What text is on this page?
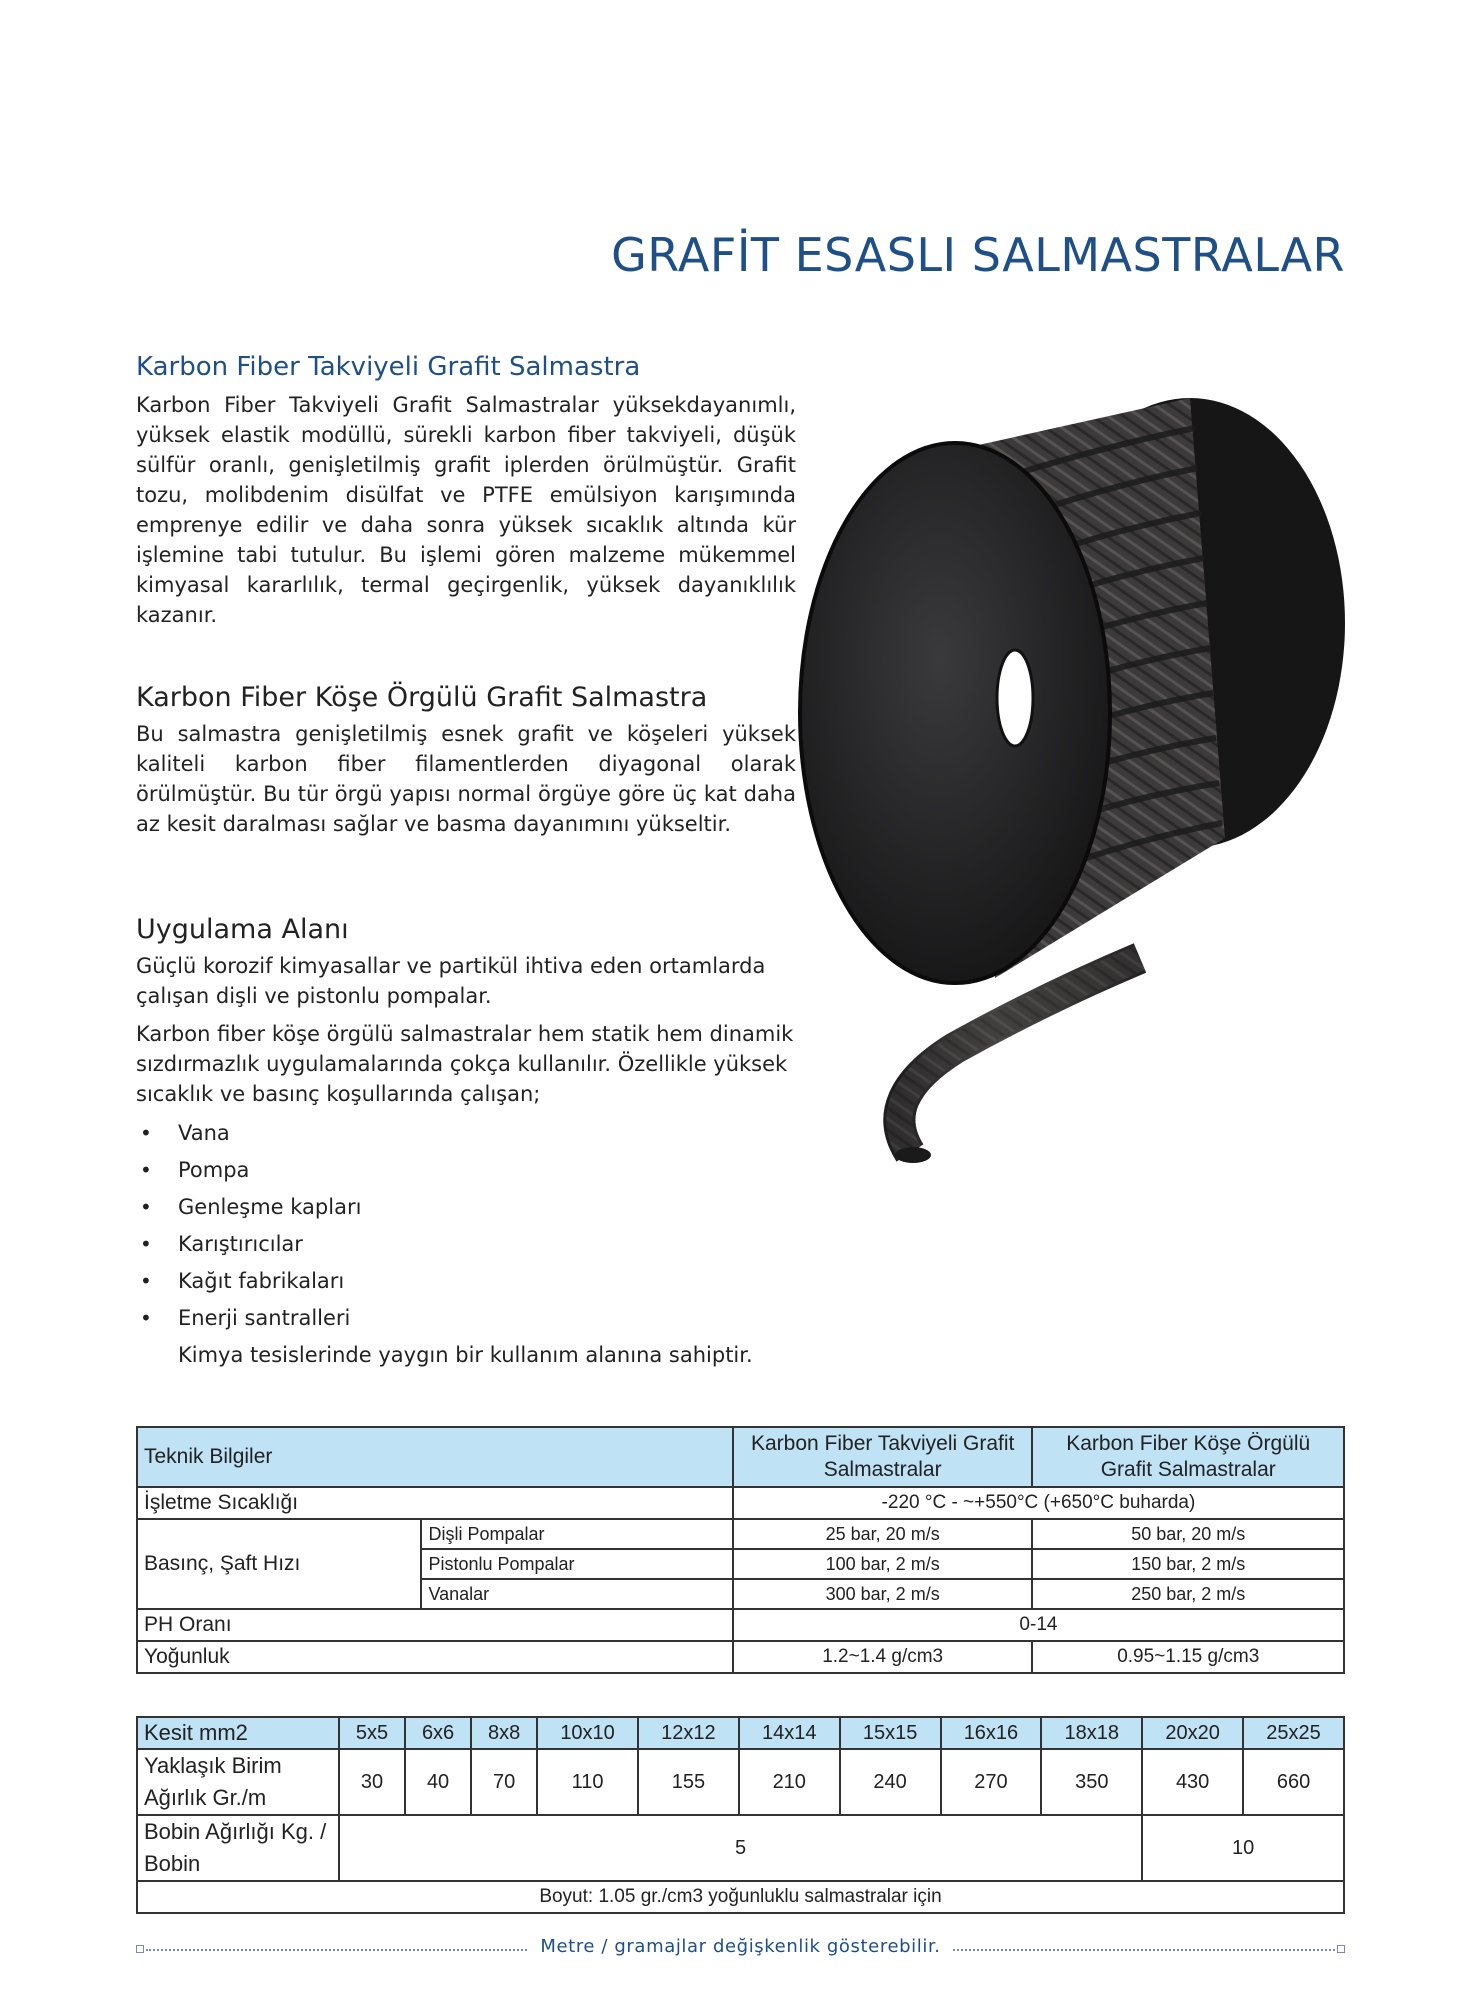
GRAFİT ESASLI SALMASTRALAR
Karbon Fiber Takviyeli Grafit Salmastra

Karbon Fiber Takviyeli Grafit Salmastralar yüksekdayanımlı, yüksek elastik modüllü, sürekli karbon fiber takviyeli, düşük sülfür oranlı, genişletilmiş grafit iplerden örülmüştür. Grafit tozu, molibdenim disülfat ve PTFE emülsiyon karışımında emprenye edilir ve daha sonra yüksek sıcaklık altında kür işlemine tabi tutulur. Bu işlemi gören malzeme mükemmel kimyasal kararlılık, termal geçirgenlik, yüksek dayanıklılık kazanır.

Karbon Fiber Köşe Örgülü Grafit Salmastra

Bu salmastra genişletilmiş esnek grafit ve köşeleri yüksek kaliteli karbon fiber filamentlerden diyagonal olarak örülmüştür. Bu tür örgü yapısı normal örgüye göre üç kat daha az kesit daralması sağlar ve basma dayanımını yükseltir.

Uygulama Alanı

Güçlü korozif kimyasallar ve partikül ihtiva eden ortamlarda çalışan dişli ve pistonlu pompalar.

Karbon fiber köşe örgülü salmastralar hem statik hem dinamik sızdırmazlık uygulamalarında çokça kullanılır. Özellikle yüksek sıcaklık ve basınç koşullarında çalışan;

• Vana
• Pompa
• Genleşme kapları
• Karıştırıcılar
• Kağıt fabrikaları
• Enerji santralleri
Kimya tesislerinde yaygın bir kullanım alanına sahiptir.
Teknik Bilgiler		Karbon Fiber Takviyeli Grafit Salmastralar	Karbon Fiber Köşe Örgülü Grafit Salmastralar
İşletme Sıcaklığı		-220 °C - ~+550°C (+650°C buharda)	
Basınç, Şaft Hızı	Dişli Pompalar	25 bar, 20 m/s	50 bar, 20 m/s
	Pistonlu Pompalar	100 bar, 2 m/s	150 bar, 2 m/s
	Vanalar	300 bar, 2 m/s	250 bar, 2 m/s
PH Oranı		0-14	
Yoğunluk		1.2~1.4 g/cm3	0.95~1.15 g/cm3
Kesit mm2	5x5	6x6	8x8	10x10	12x12	14x14	15x15	16x16	18x18	20x20	25x25
Yaklaşık Birim Ağırlık Gr./m	30	40	70	110	155	210	240	270	350	430	660
Bobin Ağırlığı Kg. / Bobin	5									10	
Boyut: 1.05 gr./cm3 yoğunluklu salmastralar için											
Metre / gramajlar değişkenlik gösterebilir.
